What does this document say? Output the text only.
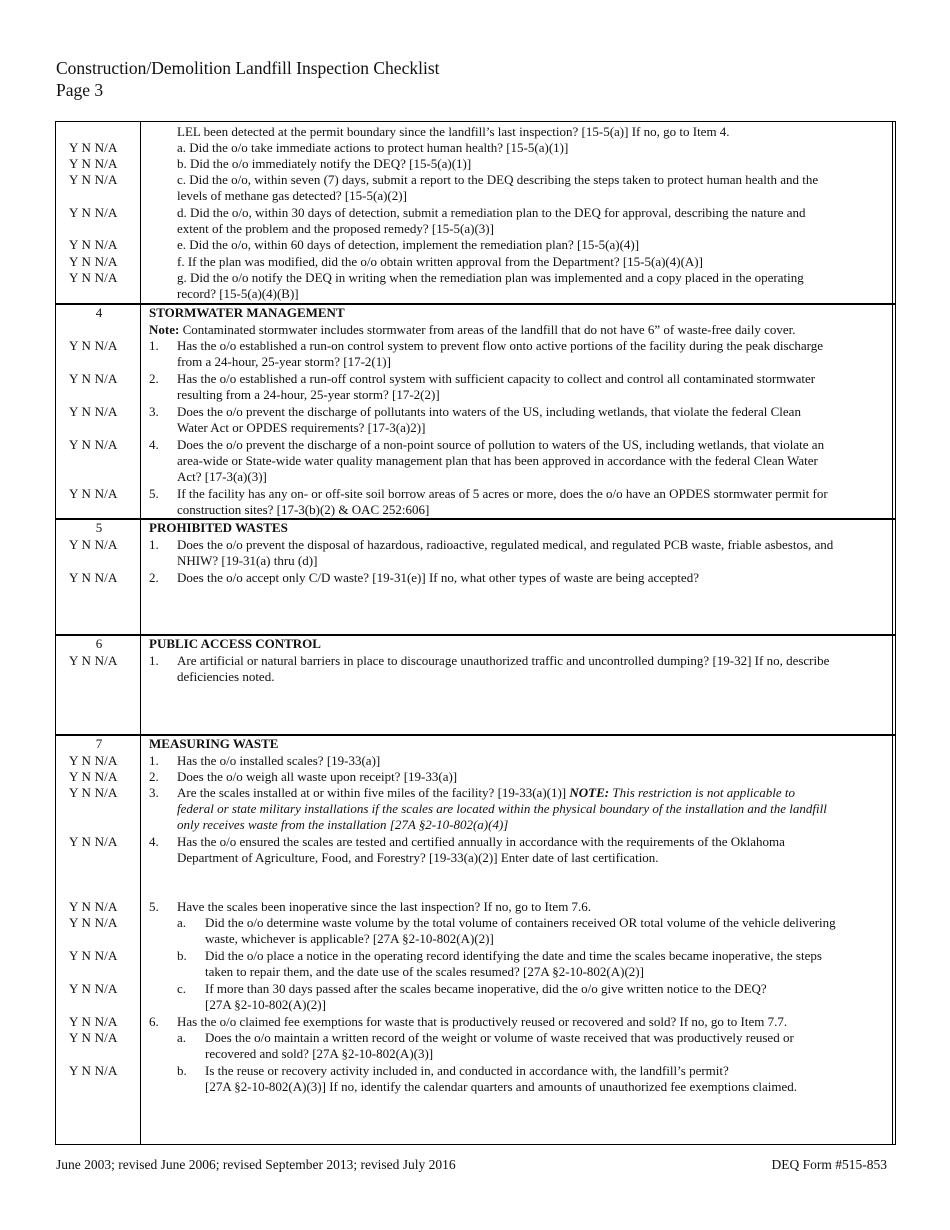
Construction/Demolition Landfill Inspection Checklist
Page 3
LEL been detected at the permit boundary since the landfill’s last inspection? [15-5(a)] If no, go to Item 4.
Y N N/A	a. Did the o/o take immediate actions to protect human health? [15-5(a)(1)]
Y N N/A	b. Did the o/o immediately notify the DEQ? [15-5(a)(1)]
Y N N/A	c. Did the o/o, within seven (7) days, submit a report to the DEQ describing the steps taken to protect human health and the
levels of methane gas detected? [15-5(a)(2)]
Y N N/A	d. Did the o/o, within 30 days of detection, submit a remediation plan to the DEQ for approval, describing the nature and
extent of the problem and the proposed remedy? [15-5(a)(3)]
Y N N/A	e. Did the o/o, within 60 days of detection, implement the remediation plan? [15-5(a)(4)]
Y N N/A	f. If the plan was modified, did the o/o obtain written approval from the Department? [15-5(a)(4)(A)]
Y N N/A	g. Did the o/o notify the DEQ in writing when the remediation plan was implemented and a copy placed in the operating
record? [15-5(a)(4)(B)]
4	STORMWATER MANAGEMENT
Note: Contaminated stormwater includes stormwater from areas of the landfill that do not have 6” of waste-free daily cover.
Y N N/A 1. Has the o/o established a run-on control system to prevent flow onto active portions of the facility during the peak discharge
from a 24-hour, 25-year storm? [17-2(1)]
Y N N/A 2. Has the o/o established a run-off control system with sufficient capacity to collect and control all contaminated stormwater
resulting from a 24-hour, 25-year storm? [17-2(2)]
Y N N/A 3. Does the o/o prevent the discharge of pollutants into waters of the US, including wetlands, that violate the federal Clean
Water Act or OPDES requirements? [17-3(a)2)]
Y N N/A 4. Does the o/o prevent the discharge of a non-point source of pollution to waters of the US, including wetlands, that violate an
area-wide or State-wide water quality management plan that has been approved in accordance with the federal Clean Water
Act? [17-3(a)(3)]
Y N N/A 5. If the facility has any on- or off-site soil borrow areas of 5 acres or more, does the o/o have an OPDES stormwater permit for
construction sites? [17-3(b)(2) & OAC 252:606]
5	PROHIBITED WASTES
Y N N/A 1. Does the o/o prevent the disposal of hazardous, radioactive, regulated medical, and regulated PCB waste, friable asbestos, and
NHIW? [19-31(a) thru (d)]
Y N N/A 2. Does the o/o accept only C/D waste? [19-31(e)] If no, what other types of waste are being accepted?
6	PUBLIC ACCESS CONTROL
Y N N/A 1. Are artificial or natural barriers in place to discourage unauthorized traffic and uncontrolled dumping? [19-32] If no, describe
deficiencies noted.
7	MEASURING WASTE
Y N N/A 1. Has the o/o installed scales? [19-33(a)]
Y N N/A 2. Does the o/o weigh all waste upon receipt? [19-33(a)]
Y N N/A 3. Are the scales installed at or within five miles of the facility? [19-33(a)(1)] NOTE: This restriction is not applicable to
federal or state military installations if the scales are located within the physical boundary of the installation and the landfill
only receives waste from the installation [27A §2-10-802(a)(4)]
Y N N/A 4. Has the o/o ensured the scales are tested and certified annually in accordance with the requirements of the Oklahoma
Department of Agriculture, Food, and Forestry? [19-33(a)(2)] Enter date of last certification.
Y N N/A 5. Have the scales been inoperative since the last inspection? If no, go to Item 7.6.
Y N N/A	a. Did the o/o determine waste volume by the total volume of containers received OR total volume of the vehicle delivering
waste, whichever is applicable? [27A §2-10-802(A)(2)]
Y N N/A	b. Did the o/o place a notice in the operating record identifying the date and time the scales became inoperative, the steps
taken to repair them, and the date use of the scales resumed? [27A §2-10-802(A)(2)]
Y N N/A	c. If more than 30 days passed after the scales became inoperative, did the o/o give written notice to the DEQ?
[27A §2-10-802(A)(2)]
Y N N/A 6. Has the o/o claimed fee exemptions for waste that is productively reused or recovered and sold? If no, go to Item 7.7.
Y N N/A	a. Does the o/o maintain a written record of the weight or volume of waste received that was productively reused or
recovered and sold? [27A §2-10-802(A)(3)]
Y N N/A	b. Is the reuse or recovery activity included in, and conducted in accordance with, the landfill’s permit?
[27A §2-10-802(A)(3)] If no, identify the calendar quarters and amounts of unauthorized fee exemptions claimed.
June 2003; revised June 2006; revised September 2013; revised July 2016	DEQ Form #515-853
